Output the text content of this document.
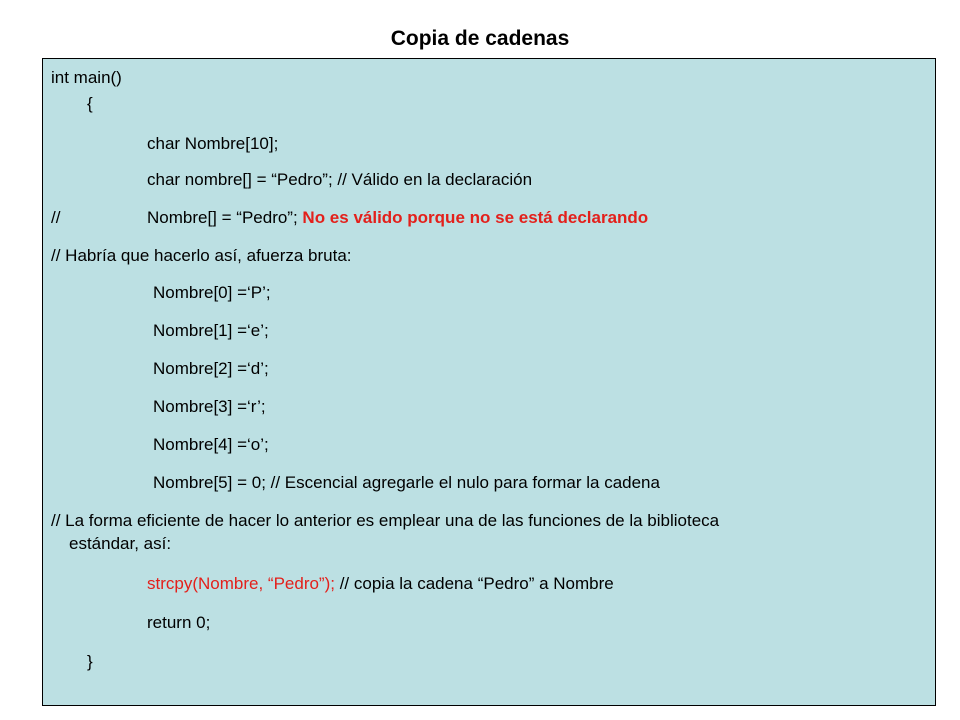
Copia de cadenas
int main()
{
char Nombre[10];
char nombre[] = “Pedro”; // Válido en la declaración
//	Nombre[] = “Pedro”; No es válido porque no se está declarando
// Habría que hacerlo así, afuerza bruta:
Nombre[0] =‘P’;
Nombre[1] =‘e’;
Nombre[2] =‘d’;
Nombre[3] =‘r’;
Nombre[4] =‘o’;
Nombre[5] = 0; // Escencial agregarle el nulo para formar la cadena
// La forma eficiente de hacer lo anterior es emplear una de las funciones de la biblioteca
estándar, así:
strcpy(Nombre, “Pedro”); // copia la cadena “Pedro” a Nombre
return 0;
}
